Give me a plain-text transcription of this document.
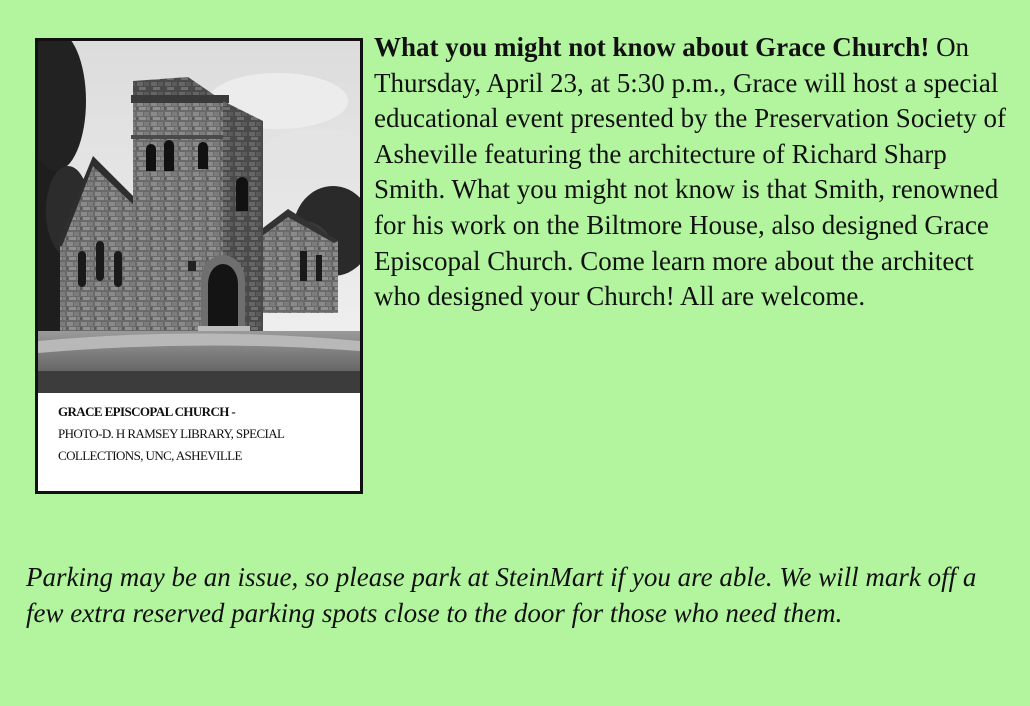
GRACE EPISCOPAL CHURCH -
PHOTO-D. H RAMSEY LIBRARY, SPECIAL
COLLECTIONS, UNC, ASHEVILLE
What you might not know about Grace Church! On Thursday, April 23, at 5:30 p.m., Grace will host a special educational event presented by the Preservation Society of Asheville featuring the architecture of Richard Sharp Smith. What you might not know is that Smith, renowned for his work on the Biltmore House, also designed Grace Episcopal Church. Come learn more about the architect who designed your Church! All are welcome.
Parking may be an issue, so please park at SteinMart if you are able. We will mark off a few extra reserved parking spots close to the door for those who need them.
